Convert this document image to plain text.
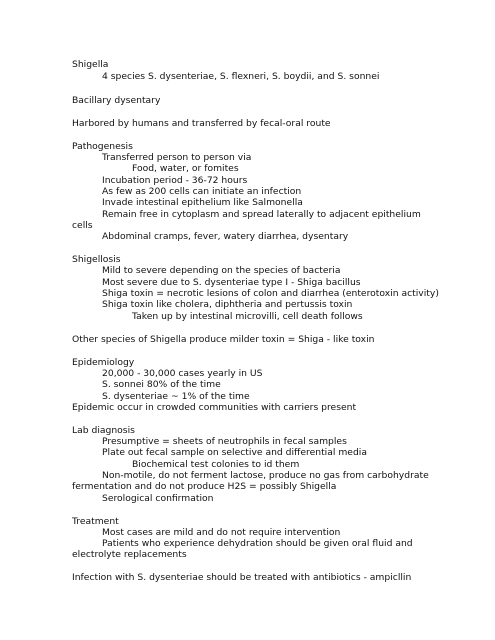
Shigella
4 species S. dysenteriae, S. flexneri, S. boydii, and S. sonnei
Bacillary dysentary
Harbored by humans and transferred by fecal-oral route
Pathogenesis
Transferred person to person via
Food, water, or fomites
Incubation period - 36-72 hours
As few as 200 cells can initiate an infection
Invade intestinal epithelium like Salmonella
Remain free in cytoplasm and spread laterally to adjacent epithelium
cells
Abdominal cramps, fever, watery diarrhea, dysentary
Shigellosis
Mild to severe depending on the species of bacteria
Most severe due to S. dysenteriae type I - Shiga bacillus
Shiga toxin = necrotic lesions of colon and diarrhea (enterotoxin activity)
Shiga toxin like cholera, diphtheria and pertussis toxin
Taken up by intestinal microvilli, cell death follows
Other species of Shigella produce milder toxin = Shiga - like toxin
Epidemiology
20,000 - 30,000 cases yearly in US
S. sonnei 80% of the time
S. dysenteriae ~ 1% of the time
Epidemic occur in crowded communities with carriers present
Lab diagnosis
Presumptive = sheets of neutrophils in fecal samples
Plate out fecal sample on selective and differential media
Biochemical test colonies to id them
Non-motile, do not ferment lactose, produce no gas from carbohydrate
fermentation and do not produce H2S = possibly Shigella
Serological confirmation
Treatment
Most cases are mild and do not require intervention
Patients who experience dehydration should be given oral fluid and
electrolyte replacements
Infection with S. dysenteriae should be treated with antibiotics - ampicllin
